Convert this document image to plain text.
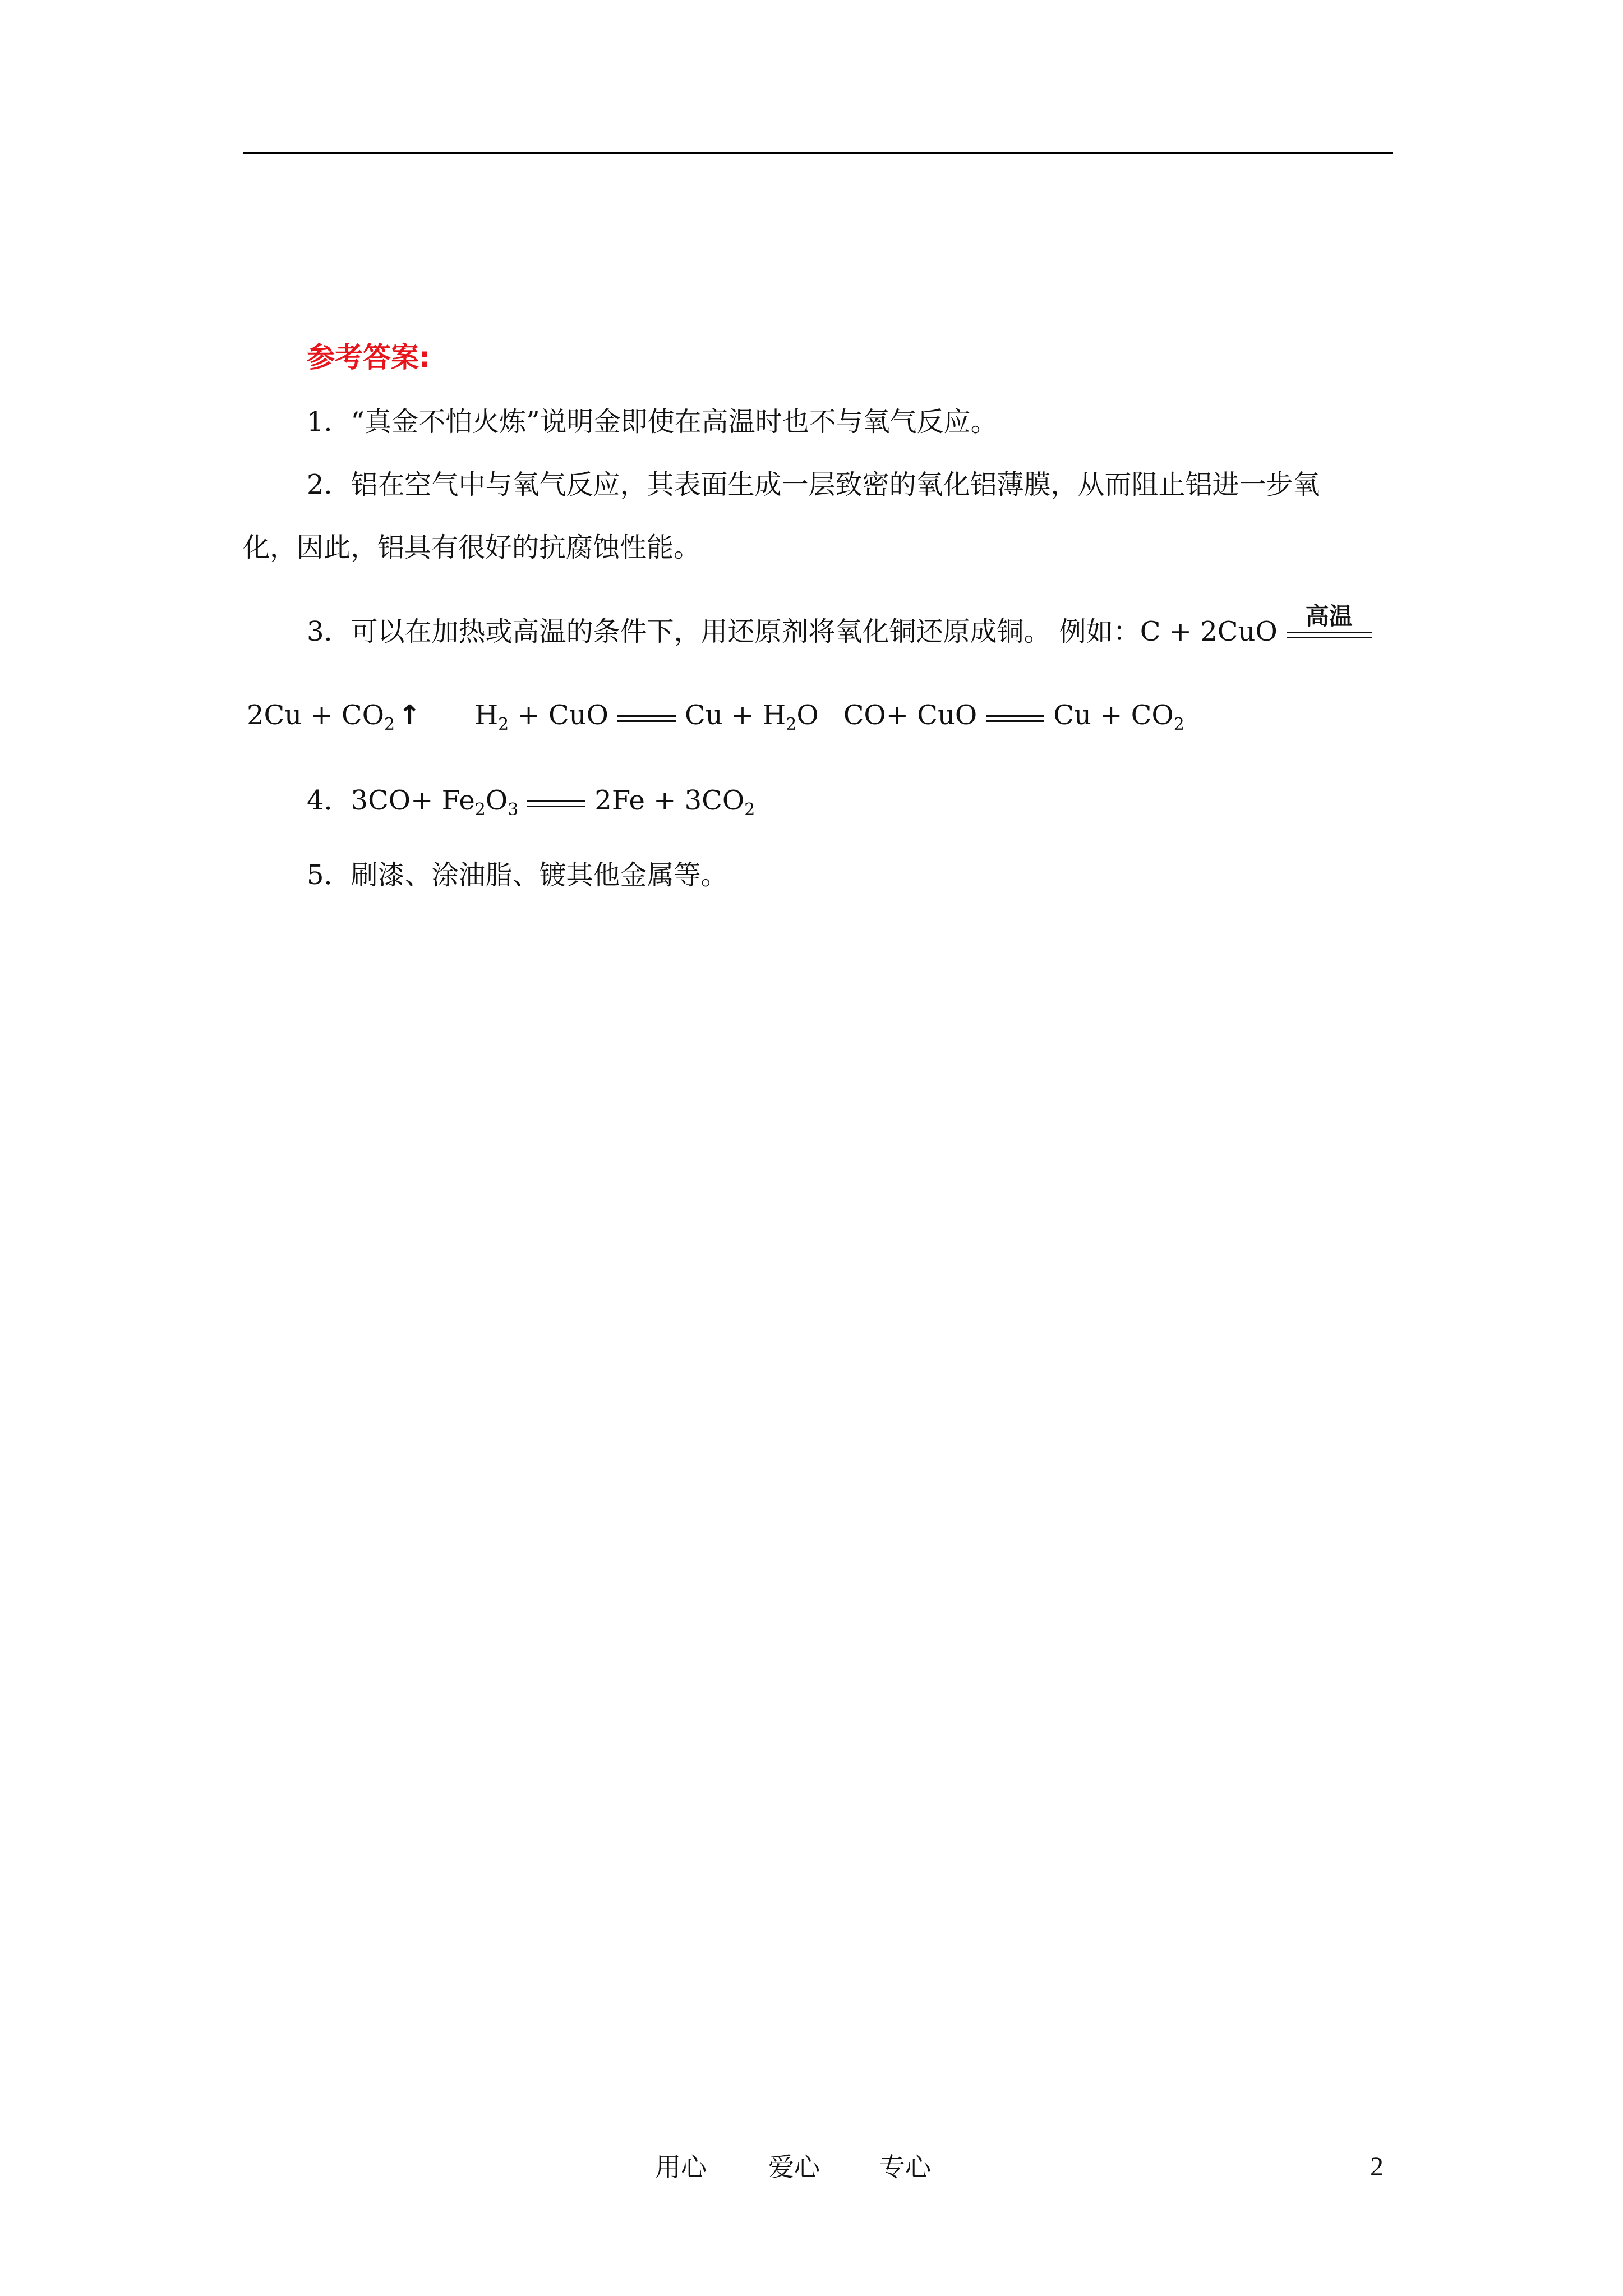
参考答案:
1．“真金不怕火炼”说明金即使在高温时也不与氧气反应。
2．铝在空气中与氧气反应，其表面生成一层致密的氧化铝薄膜，从而阻止铝进一步氧
化，因此，铝具有很好的抗腐蚀性能。
3．可以在加热或高温的条件下，用还原剂将氧化铜还原成铜。 例如：C + 2CuO	高温
$2Cu + CO_2$ ↑ $H_2$ + CuO	$Cu + H_2O$ CO+ CuO	$Cu + CO_2$
4．$3CO+ Fe_2O_3$	$2Fe + 3CO_2$
5．刷漆、涂油脂、镀其他金属等。
用心 爱心 专心	2
